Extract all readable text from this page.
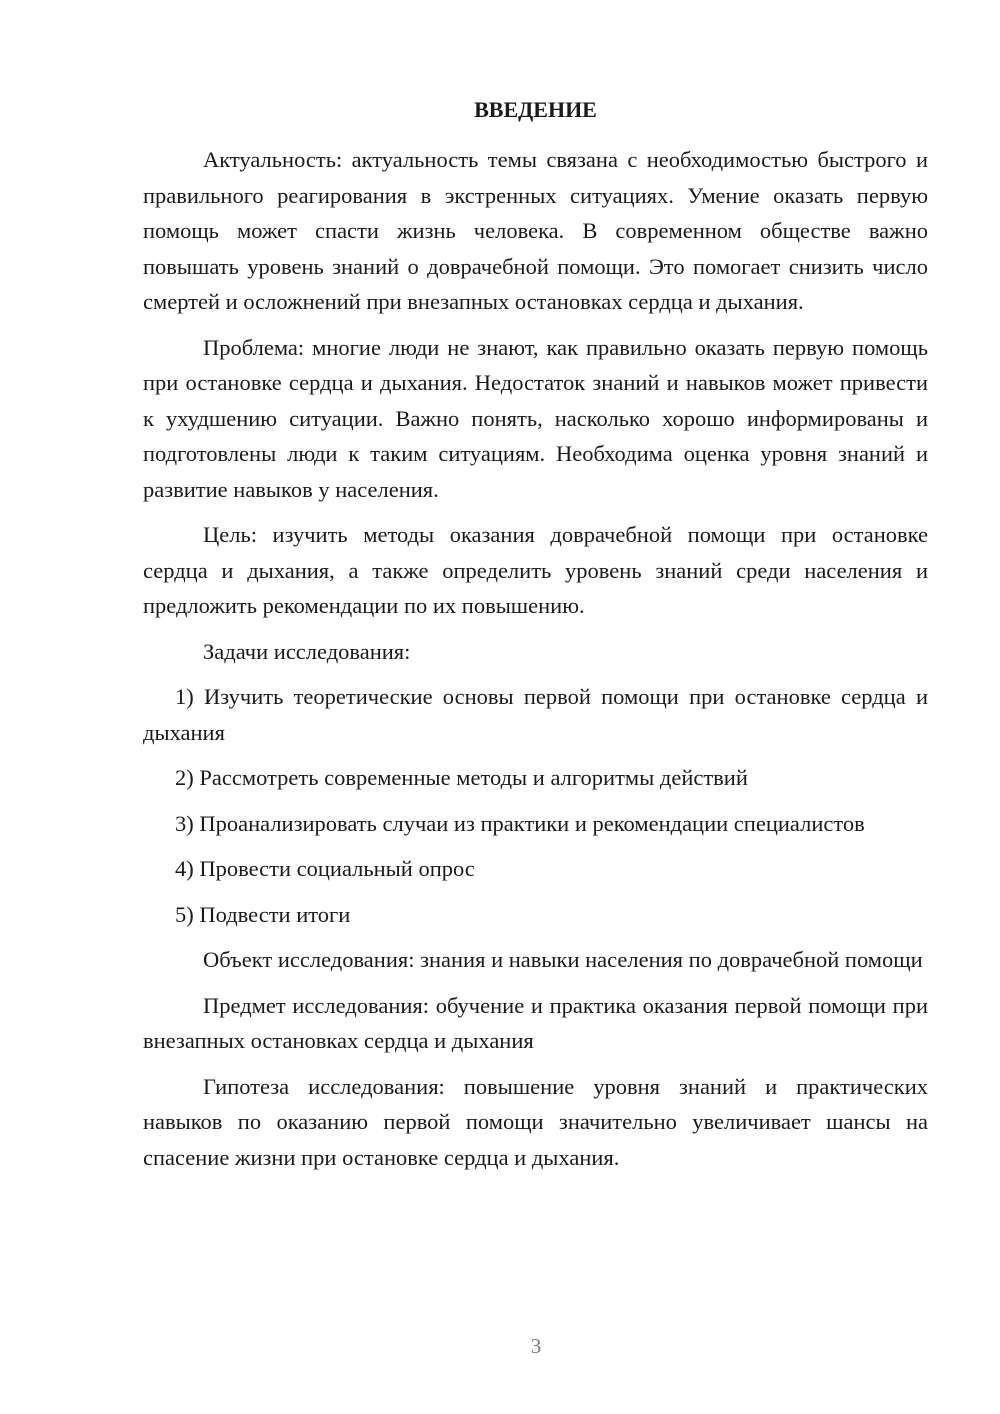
ВВЕДЕНИЕ

Актуальность: актуальность темы связана с необходимостью быстрого и правильного реагирования в экстренных ситуациях. Умение оказать первую помощь может спасти жизнь человека. В современном обществе важно повышать уровень знаний о доврачебной помощи. Это помогает снизить число смертей и осложнений при внезапных остановках сердца и дыхания.

Проблема: многие люди не знают, как правильно оказать первую помощь при остановке сердца и дыхания. Недостаток знаний и навыков может привести к ухудшению ситуации. Важно понять, насколько хорошо информированы и подготовлены люди к таким ситуациям. Необходима оценка уровня знаний и развитие навыков у населения.

Цель: изучить методы оказания доврачебной помощи при остановке сердца и дыхания, а также определить уровень знаний среди населения и предложить рекомендации по их повышению.

Задачи исследования:

1) Изучить теоретические основы первой помощи при остановке сердца и дыхания

2) Рассмотреть современные методы и алгоритмы действий

3) Проанализировать случаи из практики и рекомендации специалистов

4) Провести социальный опрос

5) Подвести итоги

Объект исследования: знания и навыки населения по доврачебной помощи

Предмет исследования: обучение и практика оказания первой помощи при внезапных остановках сердца и дыхания

Гипотеза исследования: повышение уровня знаний и практических навыков по оказанию первой помощи значительно увеличивает шансы на спасение жизни при остановке сердца и дыхания.

3
